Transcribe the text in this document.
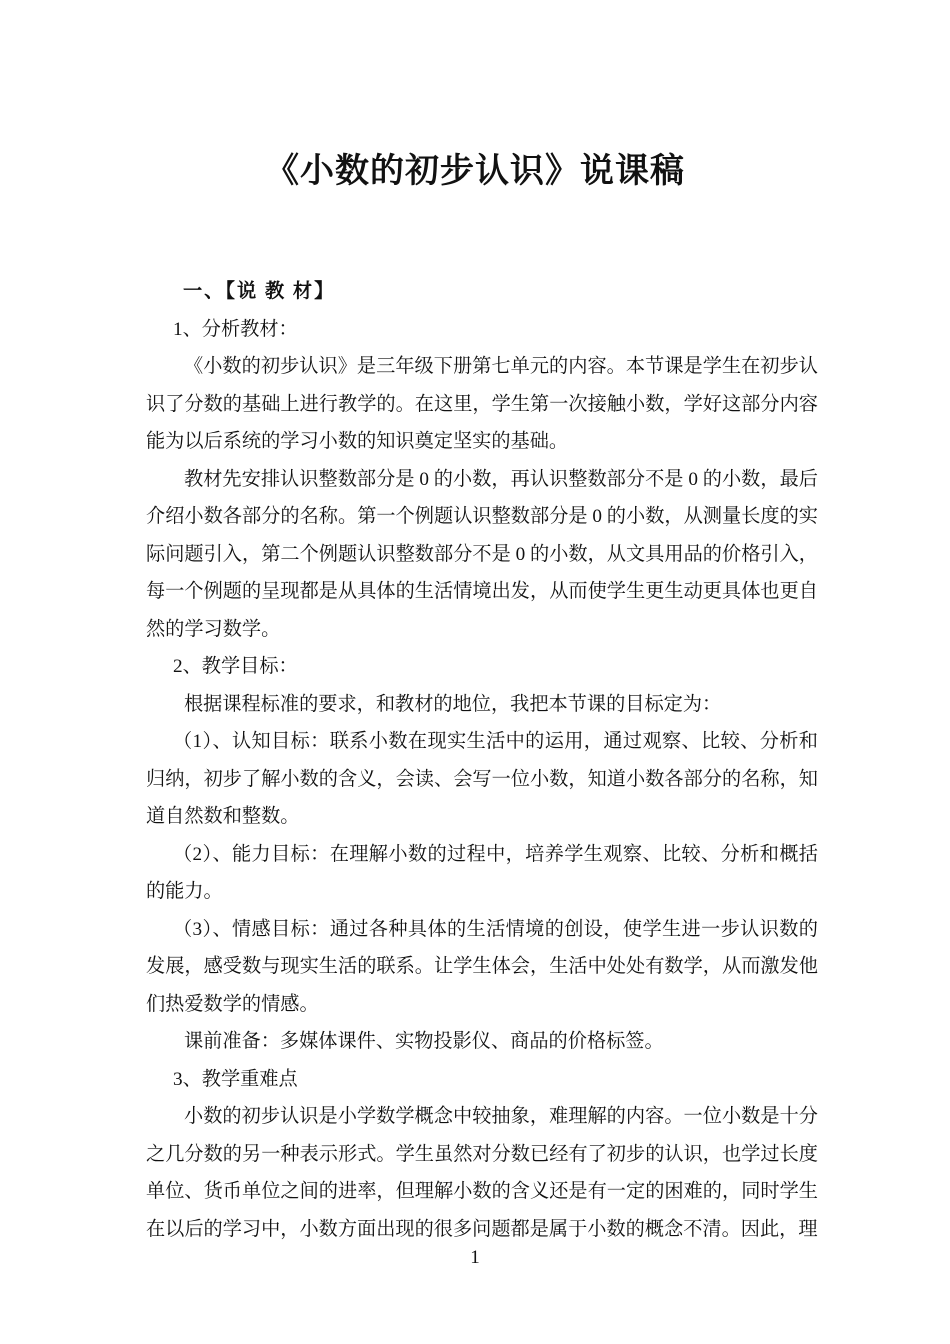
《小数的初步认识》说课稿

一、【说 教 材】

1、分析教材：

《小数的初步认识》是三年级下册第七单元的内容。本节课是学生在初步认识了分数的基础上进行教学的。在这里，学生第一次接触小数，学好这部分内容能为以后系统的学习小数的知识奠定坚实的基础。

教材先安排认识整数部分是 0 的小数，再认识整数部分不是 0 的小数，最后介绍小数各部分的名称。第一个例题认识整数部分是 0 的小数，从测量长度的实际问题引入，第二个例题认识整数部分不是 0 的小数，从文具用品的价格引入，每一个例题的呈现都是从具体的生活情境出发，从而使学生更生动更具体也更自然的学习数学。

2、教学目标：

根据课程标准的要求，和教材的地位，我把本节课的目标定为：

（1）、认知目标：联系小数在现实生活中的运用，通过观察、比较、分析和归纳，初步了解小数的含义，会读、会写一位小数，知道小数各部分的名称，知道自然数和整数。

（2）、能力目标：在理解小数的过程中，培养学生观察、比较、分析和概括的能力。

（3）、情感目标：通过各种具体的生活情境的创设，使学生进一步认识数的发展，感受数与现实生活的联系。让学生体会，生活中处处有数学，从而激发他们热爱数学的情感。

课前准备：多媒体课件、实物投影仪、商品的价格标签。

3、教学重难点

小数的初步认识是小学数学概念中较抽象，难理解的内容。一位小数是十分之几分数的另一种表示形式。学生虽然对分数已经有了初步的认识，也学过长度单位、货币单位之间的进率，但理解小数的含义还是有一定的困难的，同时学生在以后的学习中，小数方面出现的很多问题都是属于小数的概念不清。因此，理

1
